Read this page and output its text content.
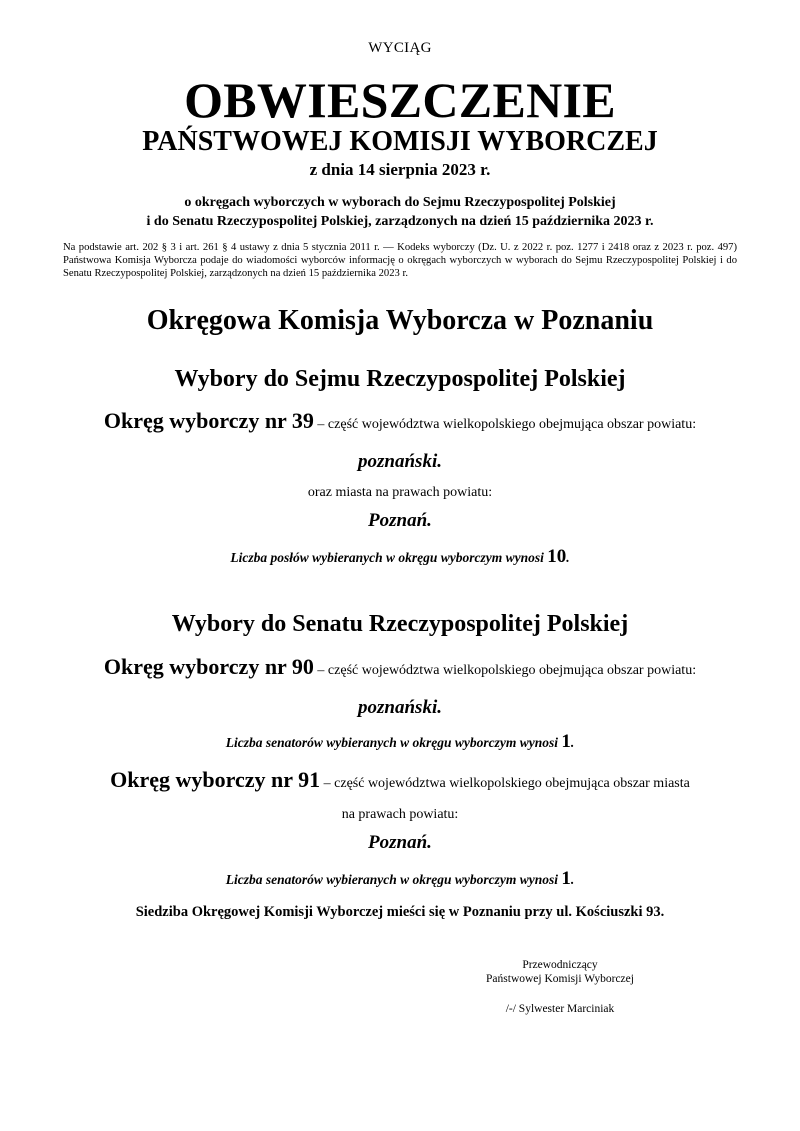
WYCIĄG
OBWIESZCZENIE
PAŃSTWOWEJ KOMISJI WYBORCZEJ
z dnia 14 sierpnia 2023 r.
o okręgach wyborczych w wyborach do Sejmu Rzeczypospolitej Polskiej
i do Senatu Rzeczypospolitej Polskiej, zarządzonych na dzień 15 października 2023 r.
Na podstawie art. 202 § 3 i art. 261 § 4 ustawy z dnia 5 stycznia 2011 r. — Kodeks wyborczy (Dz. U. z 2022 r. poz. 1277 i 2418 oraz z 2023 r. poz. 497) Państwowa Komisja Wyborcza podaje do wiadomości wyborców informację o okręgach wyborczych w wyborach do Sejmu Rzeczypospolitej Polskiej i do Senatu Rzeczypospolitej Polskiej, zarządzonych na dzień 15 października 2023 r.
Okręgowa Komisja Wyborcza w Poznaniu
Wybory do Sejmu Rzeczypospolitej Polskiej
Okręg wyborczy nr 39 – część województwa wielkopolskiego obejmująca obszar powiatu:
poznański.
oraz miasta na prawach powiatu:
Poznań.
Liczba posłów wybieranych w okręgu wyborczym wynosi 10.
Wybory do Senatu Rzeczypospolitej Polskiej
Okręg wyborczy nr 90 – część województwa wielkopolskiego obejmująca obszar powiatu:
poznański.
Liczba senatorów wybieranych w okręgu wyborczym wynosi 1.
Okręg wyborczy nr 91 – część województwa wielkopolskiego obejmująca obszar miasta
na prawach powiatu:
Poznań.
Liczba senatorów wybieranych w okręgu wyborczym wynosi 1.
Siedziba Okręgowej Komisji Wyborczej mieści się w Poznaniu przy ul. Kościuszki 93.
Przewodniczący
Państwowej Komisji Wyborczej
/-/ Sylwester Marciniak
